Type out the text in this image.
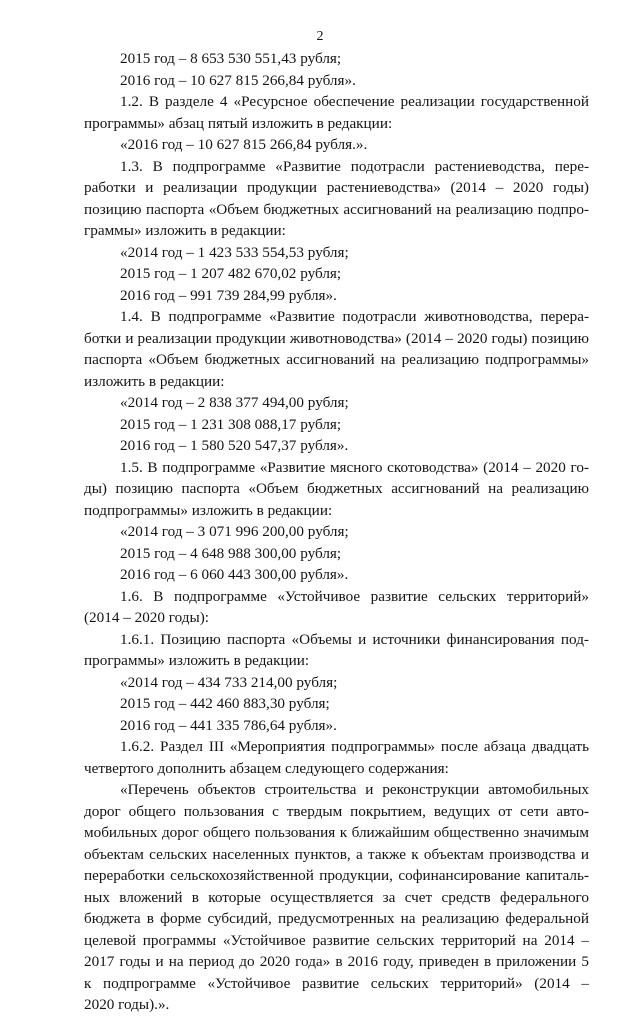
2
2015 год – 8 653 530 551,43 рубля;
2016 год – 10 627 815 266,84 рубля».
1.2. В разделе 4 «Ресурсное обеспечение реализации государственной
программы» абзац пятый изложить в редакции:
«2016 год – 10 627 815 266,84 рубля.».
1.3. В подпрограмме «Развитие подотрасли растениеводства, пере-
работки и реализации продукции растениеводства» (2014 – 2020 годы)
позицию паспорта «Объем бюджетных ассигнований на реализацию подпро-
граммы» изложить в редакции:
«2014 год – 1 423 533 554,53 рубля;
2015 год – 1 207 482 670,02 рубля;
2016 год – 991 739 284,99 рубля».
1.4. В подпрограмме «Развитие подотрасли животноводства, перера-
ботки и реализации продукции животноводства» (2014 – 2020 годы) позицию
паспорта «Объем бюджетных ассигнований на реализацию подпрограммы»
изложить в редакции:
«2014 год – 2 838 377 494,00 рубля;
2015 год – 1 231 308 088,17 рубля;
2016 год – 1 580 520 547,37 рубля».
1.5. В подпрограмме «Развитие мясного скотоводства» (2014 – 2020 го-
ды) позицию паспорта «Объем бюджетных ассигнований на реализацию
подпрограммы» изложить в редакции:
«2014 год – 3 071 996 200,00 рубля;
2015 год – 4 648 988 300,00 рубля;
2016 год – 6 060 443 300,00 рубля».
1.6. В подпрограмме «Устойчивое развитие сельских территорий»
(2014 – 2020 годы):
1.6.1. Позицию паспорта «Объемы и источники финансирования под-
программы» изложить в редакции:
«2014 год – 434 733 214,00 рубля;
2015 год – 442 460 883,30 рубля;
2016 год – 441 335 786,64 рубля».
1.6.2. Раздел III «Мероприятия подпрограммы» после абзаца двадцать
четвертого дополнить абзацем следующего содержания:
«Перечень объектов строительства и реконструкции автомобильных
дорог общего пользования с твердым покрытием, ведущих от сети авто-
мобильных дорог общего пользования к ближайшим общественно значимым
объектам сельских населенных пунктов, а также к объектам производства и
переработки сельскохозяйственной продукции, софинансирование капиталь-
ных вложений в которые осуществляется за счет средств федерального
бюджета в форме субсидий, предусмотренных на реализацию федеральной
целевой программы «Устойчивое развитие сельских территорий на 2014 –
2017 годы и на период до 2020 года» в 2016 году, приведен в приложении 5
к подпрограмме «Устойчивое развитие сельских территорий» (2014 –
2020 годы).».
